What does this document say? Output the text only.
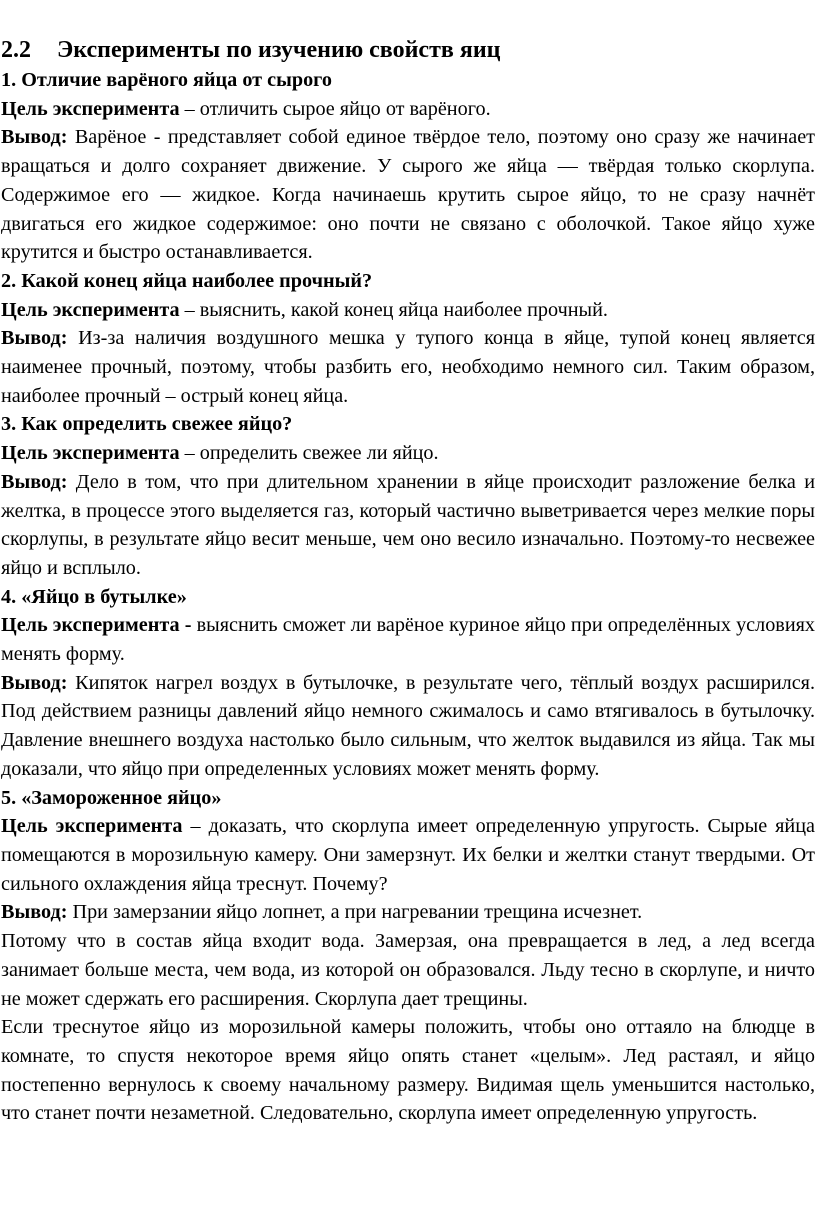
2.2 Эксперименты по изучению свойств яиц

1. Отличие варёного яйца от сырого

Цель эксперимента – отличить сырое яйцо от варёного.

Вывод: Варёное - представляет собой единое твёрдое тело, поэтому оно сразу же начинает вращаться и долго сохраняет движение. У сырого же яйца — твёрдая только скорлупа. Содержимое его — жидкое. Когда начинаешь крутить сырое яйцо, то не сразу начнёт двигаться его жидкое содержимое: оно почти не связано с оболочкой. Такое яйцо хуже крутится и быстро останавливается.

2. Какой конец яйца наиболее прочный?

Цель эксперимента – выяснить, какой конец яйца наиболее прочный.

Вывод: Из-за наличия воздушного мешка у тупого конца в яйце, тупой конец является наименее прочный, поэтому, чтобы разбить его, необходимо немного сил. Таким образом, наиболее прочный – острый конец яйца.

3. Как определить свежее яйцо?

Цель эксперимента – определить свежее ли яйцо.

Вывод: Дело в том, что при длительном хранении в яйце происходит разложение белка и желтка, в процессе этого выделяется газ, который частично выветривается через мелкие поры скорлупы, в результате яйцо весит меньше, чем оно весило изначально. Поэтому-то несвежее яйцо и всплыло.

4. «Яйцо в бутылке»

Цель эксперимента - выяснить сможет ли варёное куриное яйцо при определённых условиях менять форму.

Вывод: Кипяток нагрел воздух в бутылочке, в результате чего, тёплый воздух расширился. Под действием разницы давлений яйцо немного сжималось и само втягивалось в бутылочку. Давление внешнего воздуха настолько было сильным, что желток выдавился из яйца. Так мы доказали, что яйцо при определенных условиях может менять форму.

5. «Замороженное яйцо»

Цель эксперимента – доказать, что скорлупа имеет определенную упругость. Сырые яйца помещаются в морозильную камеру. Они замерзнут. Их белки и желтки станут твердыми. От сильного охлаждения яйца треснут. Почему?

Вывод: При замерзании яйцо лопнет, а при нагревании трещина исчезнет.

Потому что в состав яйца входит вода. Замерзая, она превращается в лед, а лед всегда занимает больше места, чем вода, из которой он образовался. Льду тесно в скорлупе, и ничто не может сдержать его расширения. Скорлупа дает трещины.

Если треснутое яйцо из морозильной камеры положить, чтобы оно оттаяло на блюдце в комнате, то спустя некоторое время яйцо опять станет «целым». Лед растаял, и яйцо постепенно вернулось к своему начальному размеру. Видимая щель уменьшится настолько, что станет почти незаметной. Следовательно, скорлупа имеет определенную упругость.
